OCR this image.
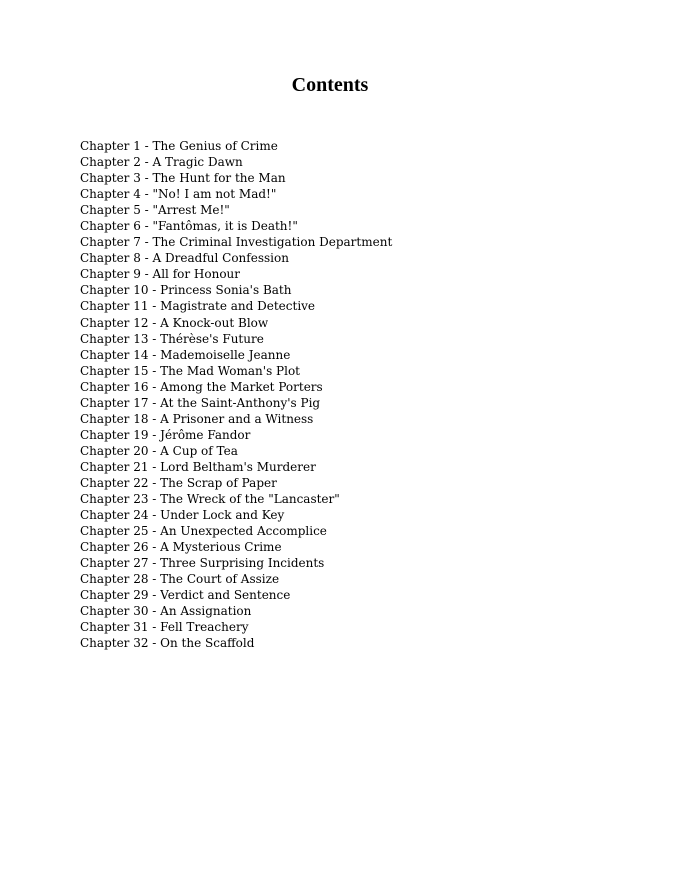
Contents
Chapter 1 - The Genius of Crime
Chapter 2 - A Tragic Dawn
Chapter 3 - The Hunt for the Man
Chapter 4 - "No! I am not Mad!"
Chapter 5 - "Arrest Me!"
Chapter 6 - "Fantômas, it is Death!"
Chapter 7 - The Criminal Investigation Department
Chapter 8 - A Dreadful Confession
Chapter 9 - All for Honour
Chapter 10 - Princess Sonia's Bath
Chapter 11 - Magistrate and Detective
Chapter 12 - A Knock-out Blow
Chapter 13 - Thérèse's Future
Chapter 14 - Mademoiselle Jeanne
Chapter 15 - The Mad Woman's Plot
Chapter 16 - Among the Market Porters
Chapter 17 - At the Saint-Anthony's Pig
Chapter 18 - A Prisoner and a Witness
Chapter 19 - Jérôme Fandor
Chapter 20 - A Cup of Tea
Chapter 21 - Lord Beltham's Murderer
Chapter 22 - The Scrap of Paper
Chapter 23 - The Wreck of the "Lancaster"
Chapter 24 - Under Lock and Key
Chapter 25 - An Unexpected Accomplice
Chapter 26 - A Mysterious Crime
Chapter 27 - Three Surprising Incidents
Chapter 28 - The Court of Assize
Chapter 29 - Verdict and Sentence
Chapter 30 - An Assignation
Chapter 31 - Fell Treachery
Chapter 32 - On the Scaffold
